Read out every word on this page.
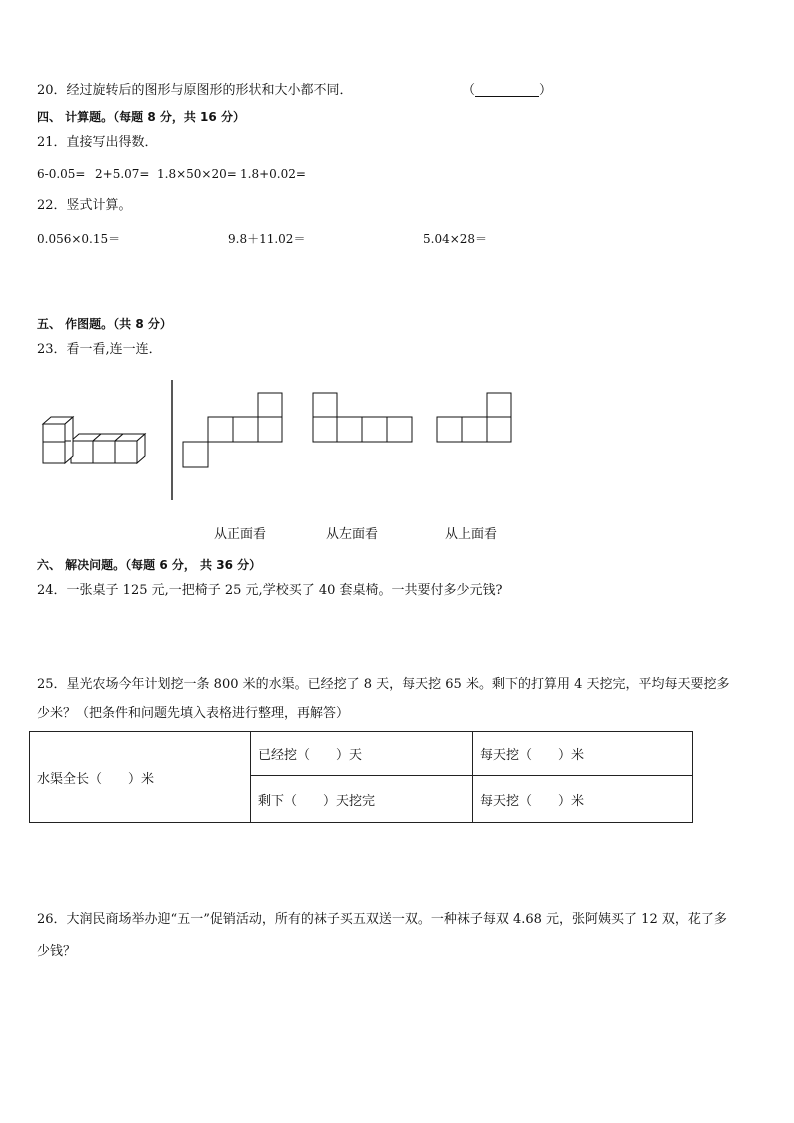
20．经过旋转后的图形与原图形的形状和大小都不同．	（	）
四、 计算题。（每题 8 分，共 16 分）
21．直接写出得数．
6-0.05= 2+5.07= 1.8×50×20= 1.8+0.02=
22．竖式计算。
0.056×0.15＝	9.8＋11.02＝	5.04×28＝
五、 作图题。（共 8 分）
23．看一看,连一连．
从正面看	从左面看	从上面看
六、 解决问题。（每题 6 分， 共 36 分）
24．一张桌子 125 元,一把椅子 25 元,学校买了 40 套桌椅。一共要付多少元钱?
25．星光农场今年计划挖一条 800 米的水渠。已经挖了 8 天，每天挖 65 米。剩下的打算用 4 天挖完，平均每天要挖多
少米？（把条件和问题先填入表格进行整理，再解答）
水渠全长（　　）米	已经挖（　　）天	每天挖（　　）米
	剩下（　　）天挖完	每天挖（　　）米
26．大润民商场举办迎“五一”促销活动，所有的袜子买五双送一双。一种袜子每双 4.68 元，张阿姨买了 12 双，花了多
少钱？
